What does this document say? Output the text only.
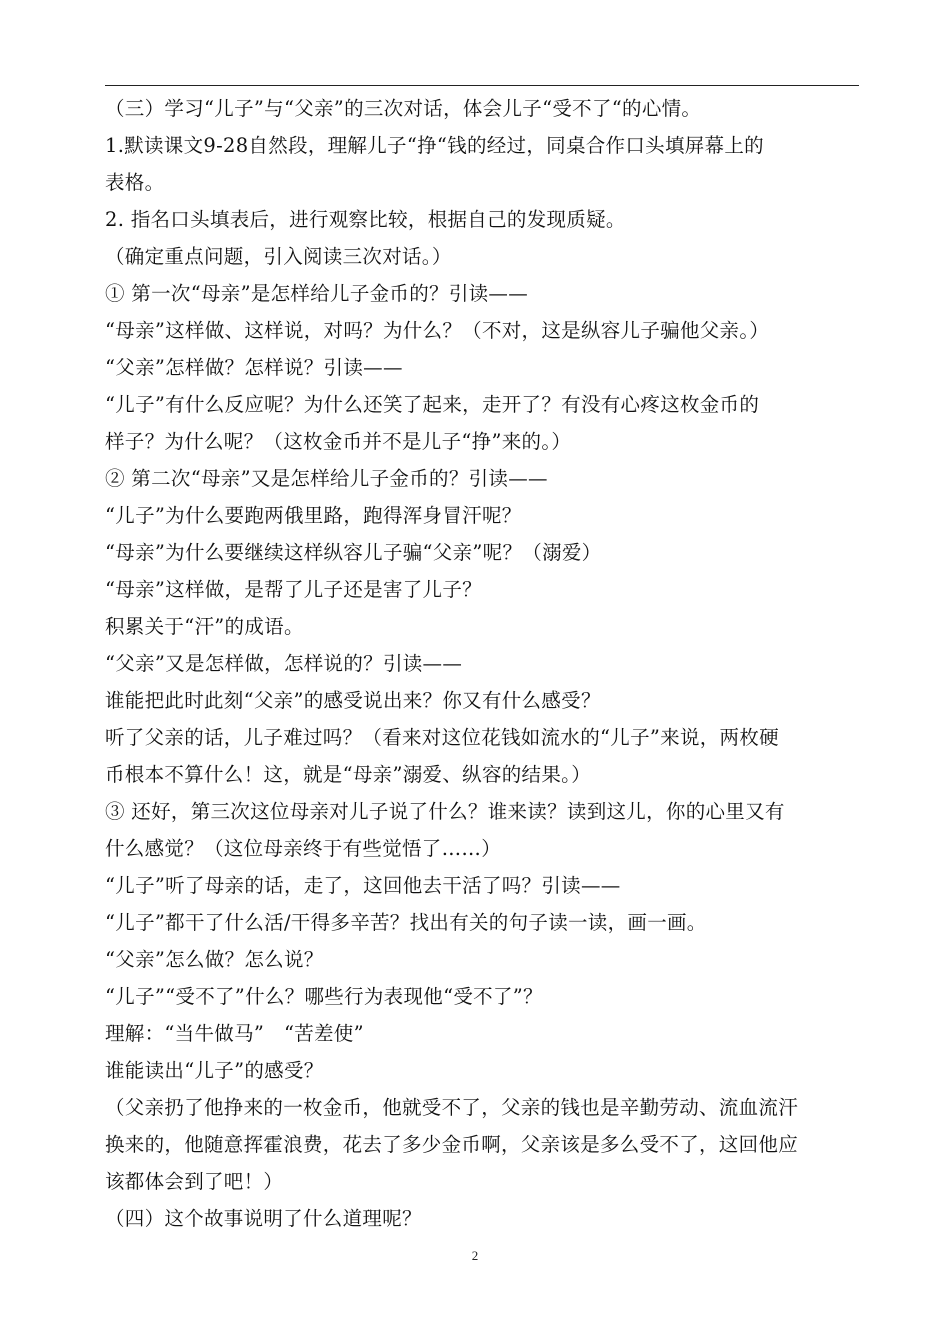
（三）学习“儿子”与“父亲”的三次对话，体会儿子“受不了“的心情。
1.默读课文9-28自然段，理解儿子“挣“钱的经过，同桌合作口头填屏幕上的
表格。
2. 指名口头填表后，进行观察比较，根据自己的发现质疑。
（确定重点问题，引入阅读三次对话。）
① 第一次“母亲”是怎样给儿子金币的？引读——
“母亲”这样做、这样说，对吗？为什么？（不对，这是纵容儿子骗他父亲。）
“父亲”怎样做？怎样说？引读——
“儿子”有什么反应呢？为什么还笑了起来，走开了？有没有心疼这枚金币的
样子？为什么呢？（这枚金币并不是儿子“挣”来的。）
② 第二次“母亲”又是怎样给儿子金币的？引读——
“儿子”为什么要跑两俄里路，跑得浑身冒汗呢？
“母亲”为什么要继续这样纵容儿子骗“父亲”呢？（溺爱）
“母亲”这样做，是帮了儿子还是害了儿子？
积累关于“汗”的成语。
“父亲”又是怎样做，怎样说的？引读——
谁能把此时此刻“父亲”的感受说出来？你又有什么感受？
听了父亲的话，儿子难过吗？（看来对这位花钱如流水的“儿子”来说，两枚硬
币根本不算什么！这，就是“母亲”溺爱、纵容的结果。）
③ 还好，第三次这位母亲对儿子说了什么？谁来读？读到这儿，你的心里又有
什么感觉？（这位母亲终于有些觉悟了……）
“儿子”听了母亲的话，走了，这回他去干活了吗？引读——
“儿子”都干了什么活/干得多辛苦？找出有关的句子读一读，画一画。
“父亲”怎么做？怎么说？
“儿子”“受不了”什么？哪些行为表现他“受不了”？
理解：“当牛做马”　“苦差使”
谁能读出“儿子”的感受？
（父亲扔了他挣来的一枚金币，他就受不了，父亲的钱也是辛勤劳动、流血流汗
换来的，他随意挥霍浪费，花去了多少金币啊，父亲该是多么受不了，这回他应
该都体会到了吧！）
（四）这个故事说明了什么道理呢？
2
